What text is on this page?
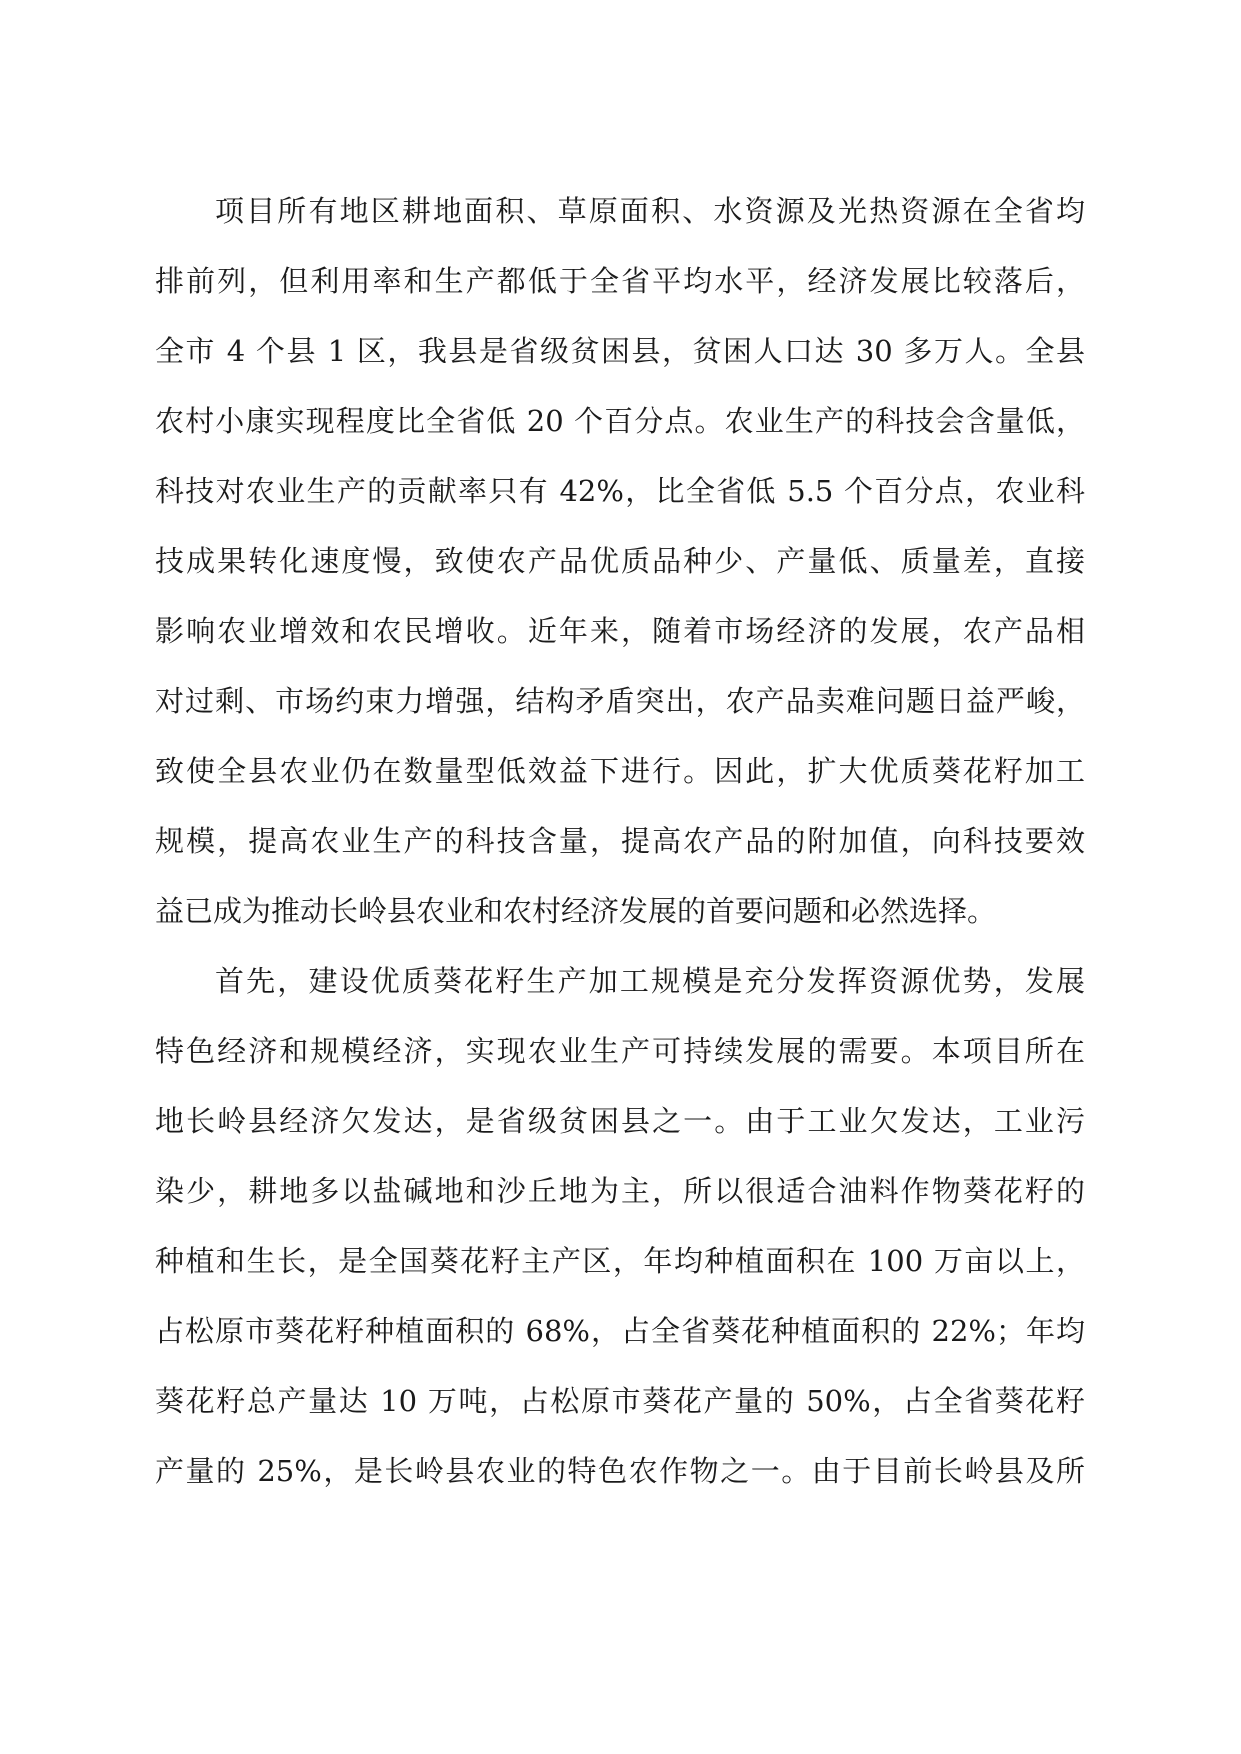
项目所有地区耕地面积、草原面积、水资源及光热资源在全省均
排前列，但利用率和生产都低于全省平均水平，经济发展比较落后，
全市 4 个县 1 区，我县是省级贫困县，贫困人口达 30 多万人。全县
农村小康实现程度比全省低 20 个百分点。农业生产的科技会含量低，
科技对农业生产的贡献率只有 42%，比全省低 5.5 个百分点，农业科
技成果转化速度慢，致使农产品优质品种少、产量低、质量差，直接
影响农业增效和农民增收。近年来，随着市场经济的发展，农产品相
对过剩、市场约束力增强，结构矛盾突出，农产品卖难问题日益严峻，
致使全县农业仍在数量型低效益下进行。因此，扩大优质葵花籽加工
规模，提高农业生产的科技含量，提高农产品的附加值，向科技要效
益已成为推动长岭县农业和农村经济发展的首要问题和必然选择。
首先，建设优质葵花籽生产加工规模是充分发挥资源优势，发展
特色经济和规模经济，实现农业生产可持续发展的需要。本项目所在
地长岭县经济欠发达，是省级贫困县之一。由于工业欠发达，工业污
染少，耕地多以盐碱地和沙丘地为主，所以很适合油料作物葵花籽的
种植和生长，是全国葵花籽主产区，年均种植面积在 100 万亩以上，
占松原市葵花籽种植面积的 68%，占全省葵花种植面积的 22%；年均
葵花籽总产量达 10 万吨，占松原市葵花产量的 50%，占全省葵花籽
产量的 25%，是长岭县农业的特色农作物之一。由于目前长岭县及所
